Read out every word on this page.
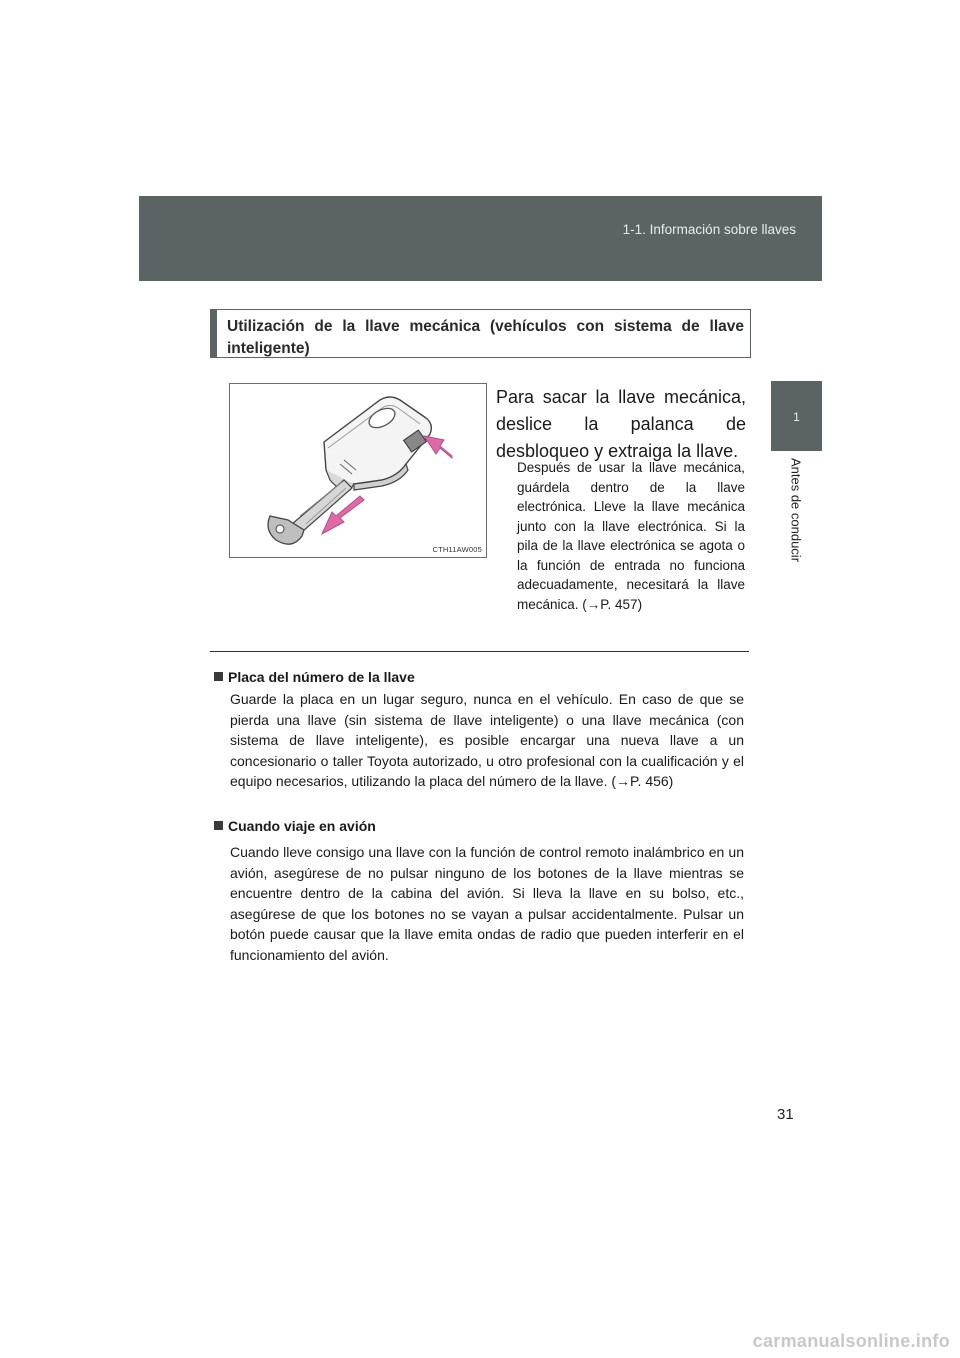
1-1. Información sobre llaves
1
Antes de conducir
Utilización de la llave mecánica (vehículos con sistema de llave inteligente)
CTH11AW005
Para sacar la llave mecánica, deslice la palanca de desbloqueo y extraiga la llave.
Después de usar la llave mecánica, guárdela dentro de la llave electrónica. Lleve la llave mecánica junto con la llave electrónica. Si la pila de la llave electrónica se agota o la función de entrada no funciona adecuadamente, necesitará la llave mecánica. (→P. 457)
Placa del número de la llave
Guarde la placa en un lugar seguro, nunca en el vehículo. En caso de que se pierda una llave (sin sistema de llave inteligente) o una llave mecánica (con sistema de llave inteligente), es posible encargar una nueva llave a un concesionario o taller Toyota autorizado, u otro profesional con la cualificación y el equipo necesarios, utilizando la placa del número de la llave. (→P. 456)
Cuando viaje en avión
Cuando lleve consigo una llave con la función de control remoto inalámbrico en un avión, asegúrese de no pulsar ninguno de los botones de la llave mientras se encuentre dentro de la cabina del avión. Si lleva la llave en su bolso, etc., asegúrese de que los botones no se vayan a pulsar accidentalmente. Pulsar un botón puede causar que la llave emita ondas de radio que pueden interferir en el funcionamiento del avión.
31
carmanualsonline.info
